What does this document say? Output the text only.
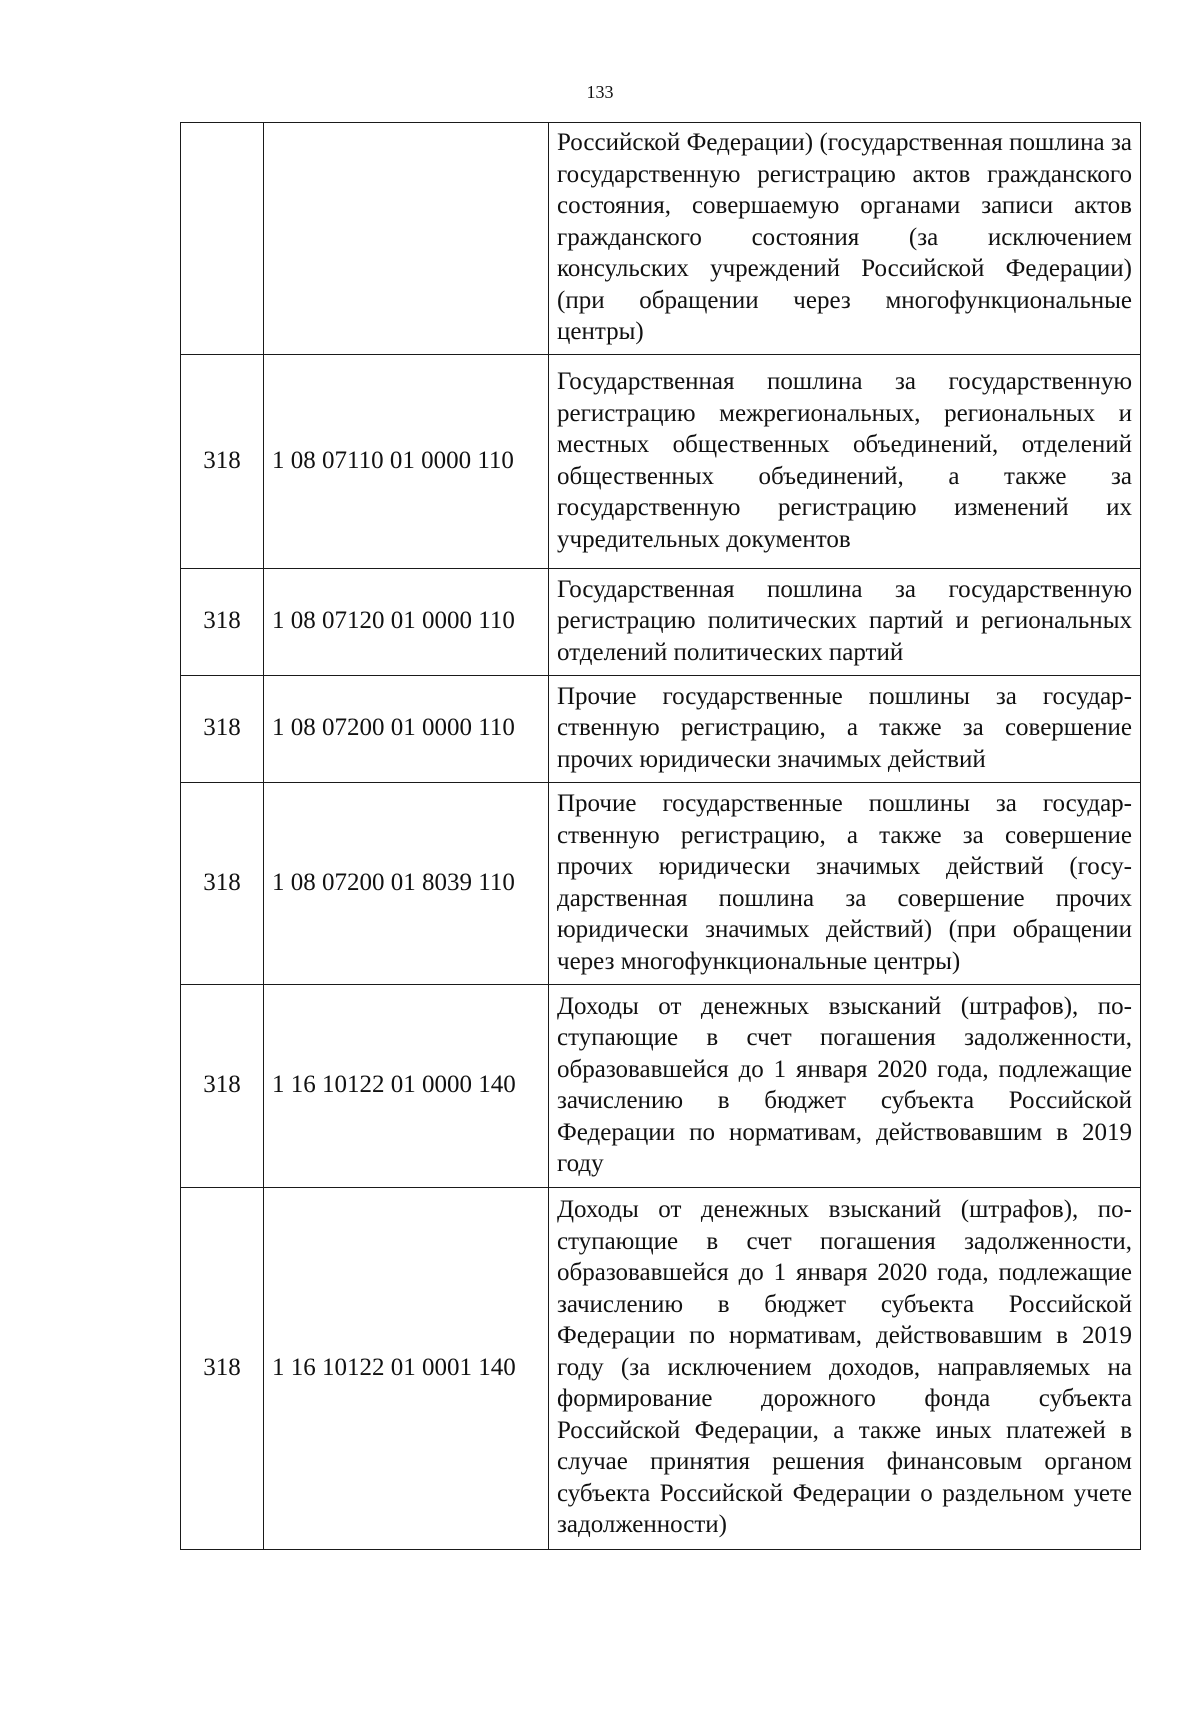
133
		Российской Федерации) (государственная пошлина за государственную регистрацию актов гражданского состояния, совершаемую органами записи актов гражданского состояния (за исключением консульских учреждений Российской Федерации) (при обращении через многофункциональные центры)
318	1 08 07110 01 0000 110	Государственная пошлина за государственную регистрацию межрегиональных, региональных и местных общественных объединений, отделений общественных объединений, а также за государственную регистрацию изменений их учредительных документов
318	1 08 07120 01 0000 110	Государственная пошлина за государственную регистрацию политических партий и региональных отделений политических партий
318	1 08 07200 01 0000 110	Прочие государственные пошлины за государственную регистрацию, а также за совершение прочих юридически значимых действий
318	1 08 07200 01 8039 110	Прочие государственные пошлины за государственную регистрацию, а также за совершение прочих юридически значимых действий (государственная пошлина за совершение прочих юридически значимых действий) (при обращении через многофункциональные центры)
318	1 16 10122 01 0000 140	Доходы от денежных взысканий (штрафов), поступающие в счет погашения задолженности, образовавшейся до 1 января 2020 года, подлежащие зачислению в бюджет субъекта Российской Федерации по нормативам, действовавшим в 2019 году
318	1 16 10122 01 0001 140	Доходы от денежных взысканий (штрафов), поступающие в счет погашения задолженности, образовавшейся до 1 января 2020 года, подлежащие зачислению в бюджет субъекта Российской Федерации по нормативам, действовавшим в 2019 году (за исключением доходов, направляемых на формирование дорожного фонда субъекта Российской Федерации, а также иных платежей в случае принятия решения финансовым органом субъекта Российской Федерации о раздельном учете задолженности)
